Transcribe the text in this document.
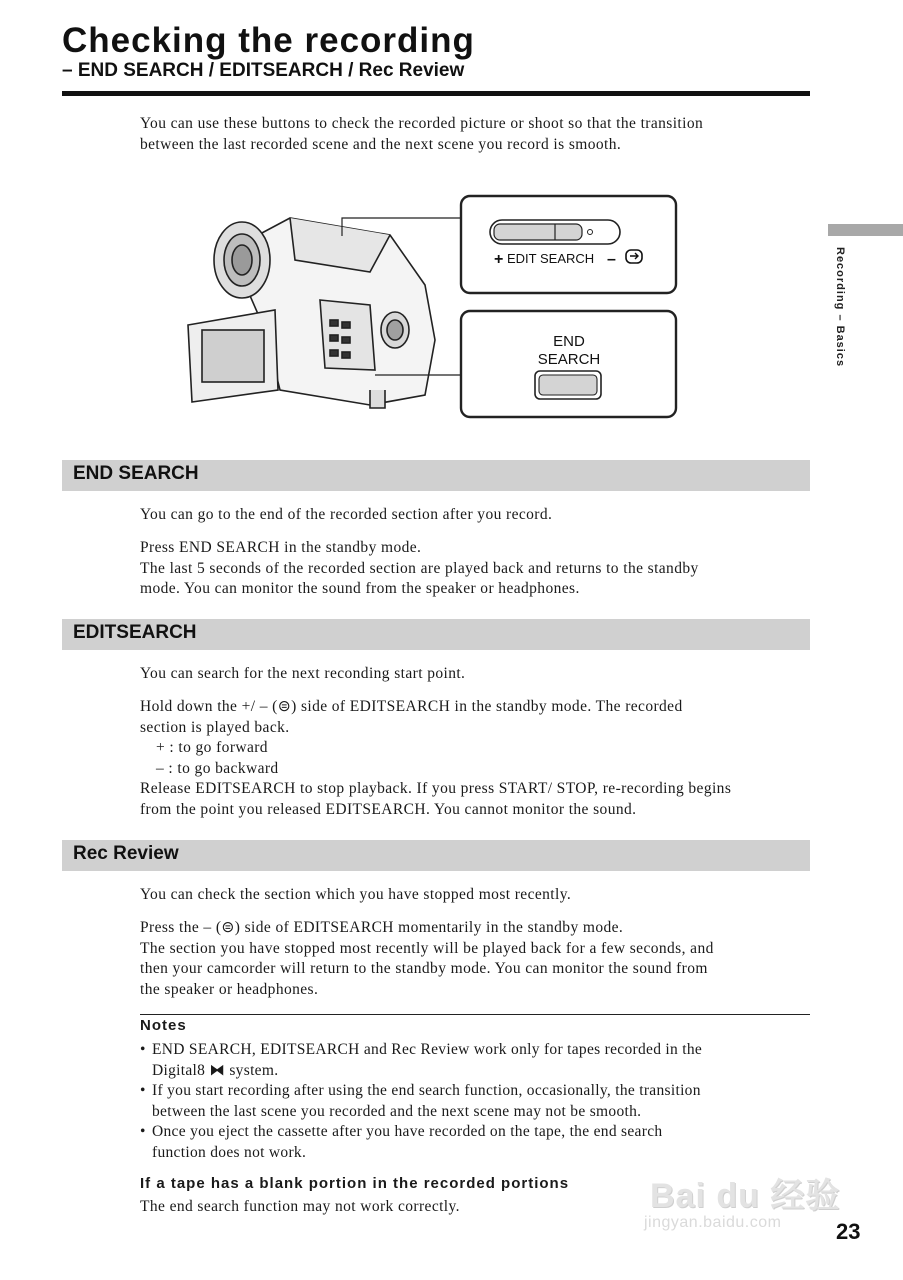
Checking the recording
– END SEARCH / EDITSEARCH / Rec Review
Recording – Basics
You can use these buttons to check the recorded picture or shoot so that the transition
between the last recorded scene and the next scene you record is smooth.
+ EDIT SEARCH –
END
SEARCH
END SEARCH
You can go to the end of the recorded section after you record.
Press END SEARCH in the standby mode.
The last 5 seconds of the recorded section are played back and returns to the standby
mode. You can monitor the sound from the speaker or headphones.
EDITSEARCH
You can search for the next reconding start point.
Hold down the +/ – (⊜) side of EDITSEARCH in the standby mode. The recorded
section is played back.
+ : to go forward
– : to go backward
Release EDITSEARCH to stop playback. If you press START/ STOP, re-recording begins
from the point you released EDITSEARCH. You cannot monitor the sound.
Rec Review
You can check the section which you have stopped most recently.
Press the – (⊜) side of EDITSEARCH momentarily in the standby mode.
The section you have stopped most recently will be played back for a few seconds, and
then your camcorder will return to the standby mode. You can monitor the sound from
the speaker or headphones.
Notes
• END SEARCH, EDITSEARCH and Rec Review work only for tapes recorded in the
Digital8 ⧓ system.
• If you start recording after using the end search function, occasionally, the transition
between the last scene you recorded and the next scene may not be smooth.
• Once you eject the cassette after you have recorded on the tape, the end search
function does not work.
If a tape has a blank portion in the recorded portions
The end search function may not work correctly.	Bai du 经验
jingyan.baidu.com 23
